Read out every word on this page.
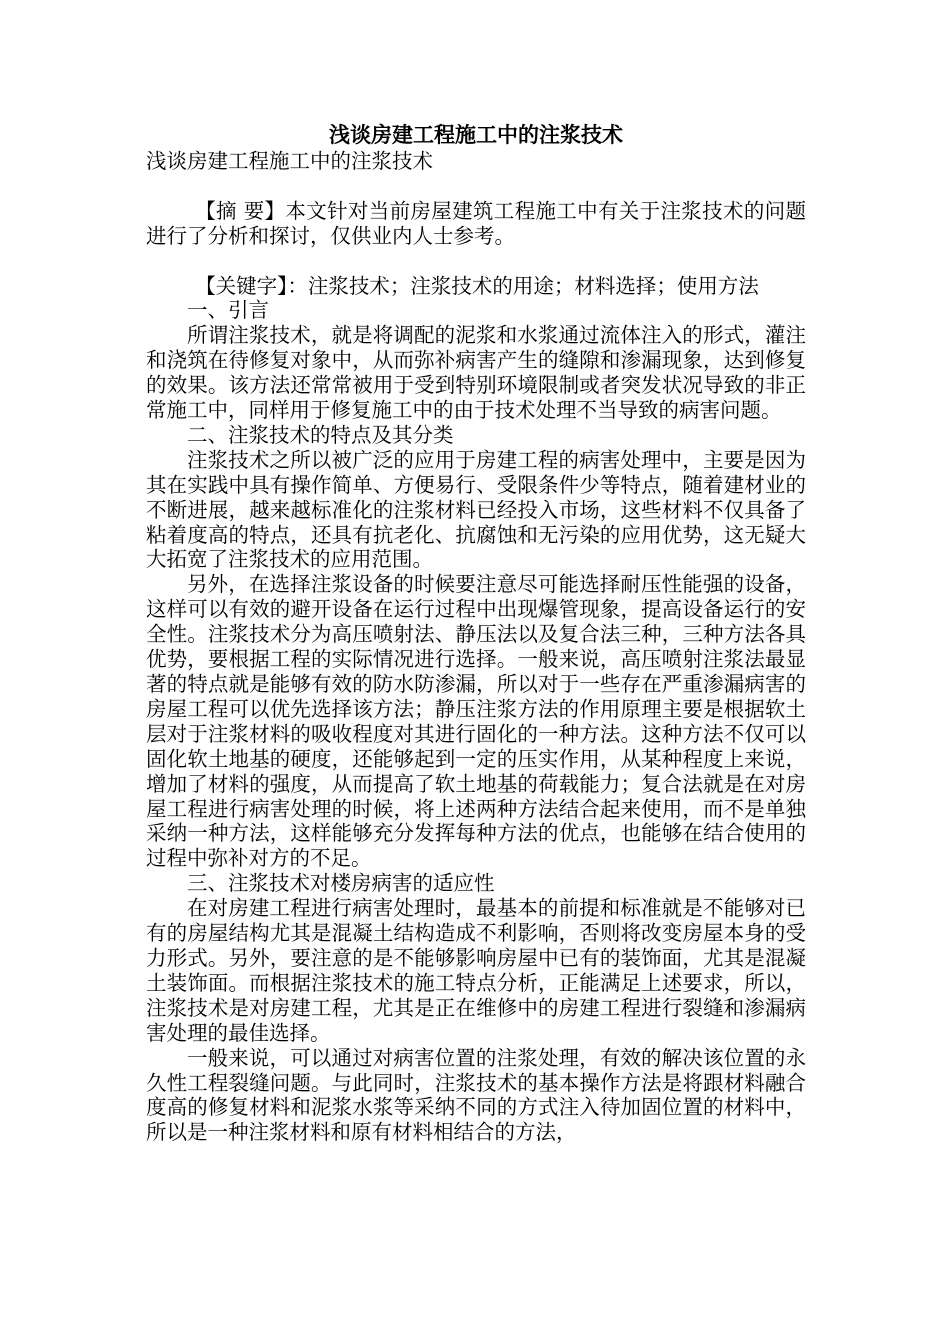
浅谈房建工程施工中的注浆技术

浅谈房建工程施工中的注浆技术

【摘 要】本文针对当前房屋建筑工程施工中有关于注浆技术的问题进行了分析和探讨，仅供业内人士参考。

【关键字】：注浆技术；注浆技术的用途；材料选择；使用方法

一、引言

所谓注浆技术，就是将调配的泥浆和水浆通过流体注入的形式，灌注和浇筑在待修复对象中，从而弥补病害产生的缝隙和渗漏现象，达到修复的效果。该方法还常常被用于受到特别环境限制或者突发状况导致的非正常施工中，同样用于修复施工中的由于技术处理不当导致的病害问题。

二、注浆技术的特点及其分类

注浆技术之所以被广泛的应用于房建工程的病害处理中，主要是因为其在实践中具有操作简单、方便易行、受限条件少等特点，随着建材业的不断进展，越来越标准化的注浆材料已经投入市场，这些材料不仅具备了粘着度高的特点，还具有抗老化、抗腐蚀和无污染的应用优势，这无疑大大拓宽了注浆技术的应用范围。

另外，在选择注浆设备的时候要注意尽可能选择耐压性能强的设备，这样可以有效的避开设备在运行过程中出现爆管现象，提高设备运行的安全性。注浆技术分为高压喷射法、静压法以及复合法三种，三种方法各具优势，要根据工程的实际情况进行选择。一般来说，高压喷射注浆法最显著的特点就是能够有效的防水防渗漏，所以对于一些存在严重渗漏病害的房屋工程可以优先选择该方法；静压注浆方法的作用原理主要是根据软土层对于注浆材料的吸收程度对其进行固化的一种方法。这种方法不仅可以固化软土地基的硬度，还能够起到一定的压实作用，从某种程度上来说，增加了材料的强度，从而提高了软土地基的荷载能力；复合法就是在对房屋工程进行病害处理的时候，将上述两种方法结合起来使用，而不是单独采纳一种方法，这样能够充分发挥每种方法的优点，也能够在结合使用的过程中弥补对方的不足。

三、注浆技术对楼房病害的适应性

在对房建工程进行病害处理时，最基本的前提和标准就是不能够对已有的房屋结构尤其是混凝土结构造成不利影响，否则将改变房屋本身的受力形式。另外，要注意的是不能够影响房屋中已有的装饰面，尤其是混凝土装饰面。而根据注浆技术的施工特点分析，正能满足上述要求，所以，注浆技术是对房建工程，尤其是正在维修中的房建工程进行裂缝和渗漏病害处理的最佳选择。

一般来说，可以通过对病害位置的注浆处理，有效的解决该位置的永久性工程裂缝问题。与此同时，注浆技术的基本操作方法是将跟材料融合度高的修复材料和泥浆水浆等采纳不同的方式注入待加固位置的材料中，所以是一种注浆材料和原有材料相结合的方法，
